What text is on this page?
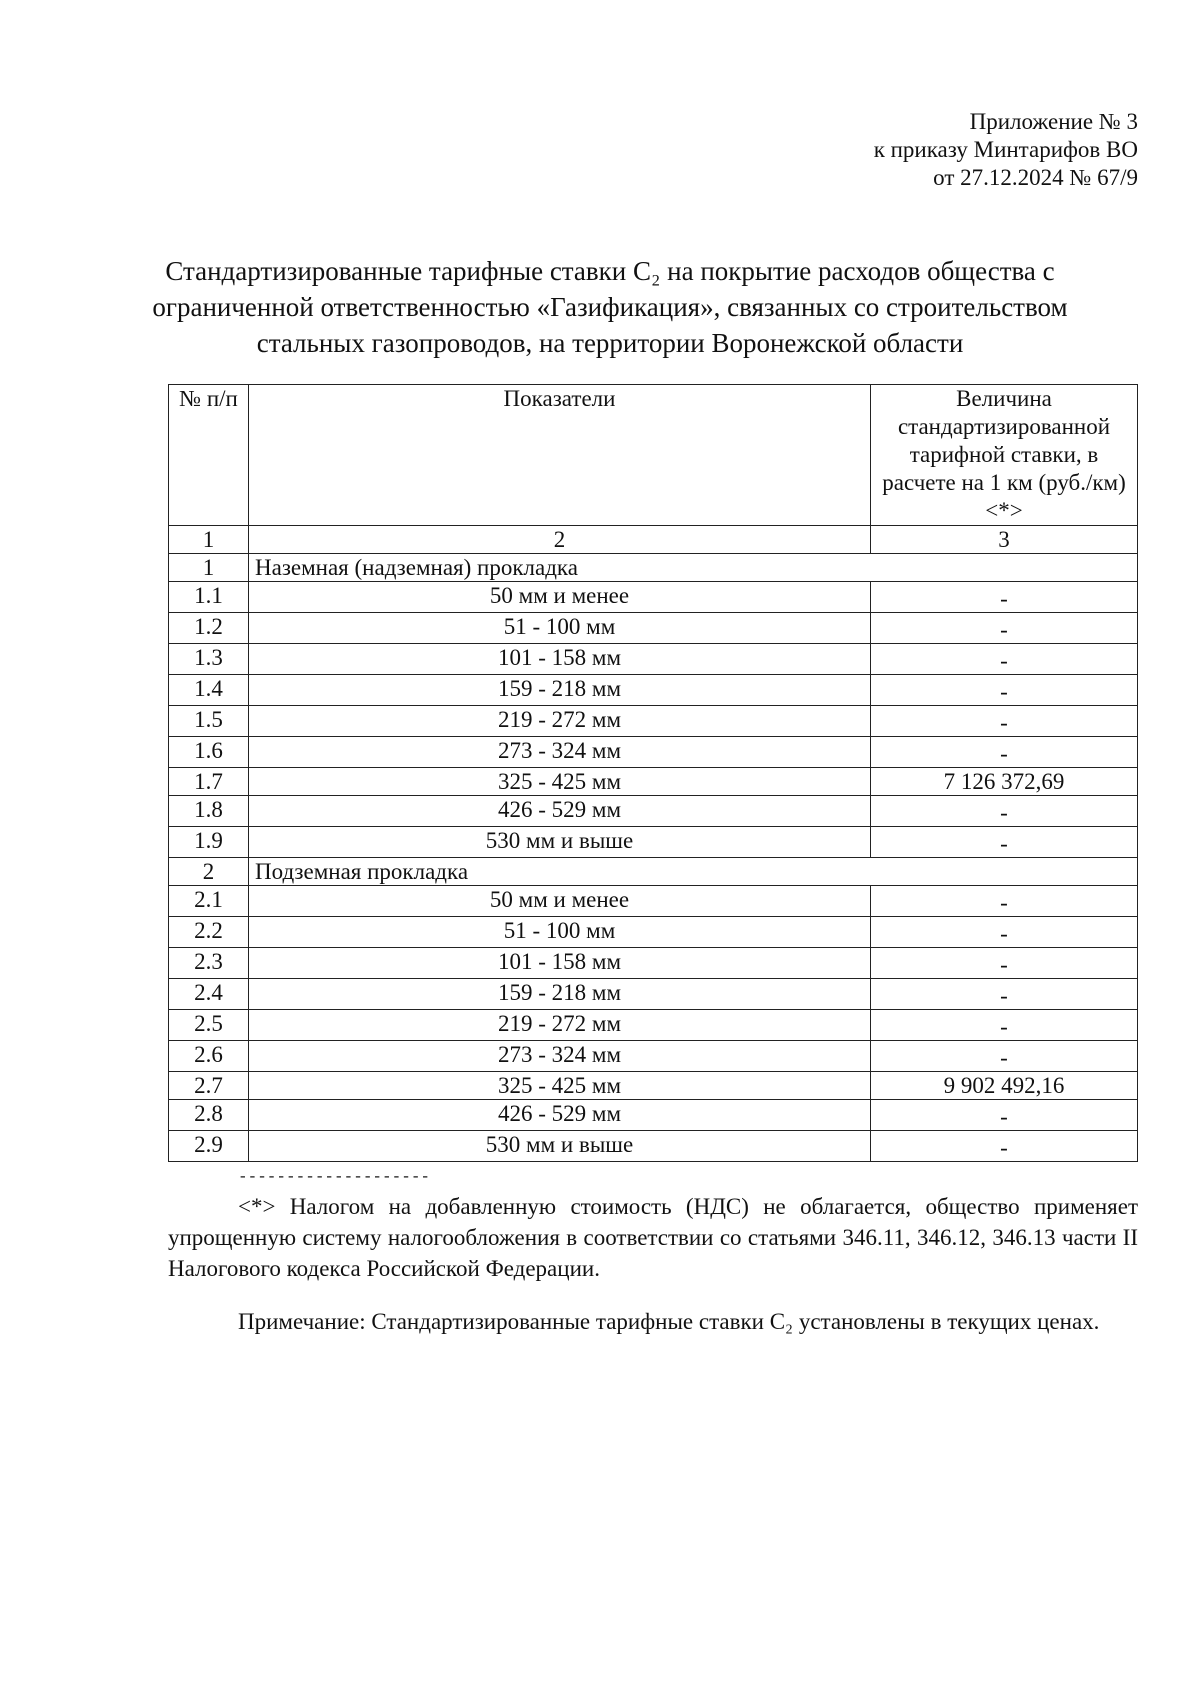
Приложение № 3
к приказу Минтарифов ВО
от 27.12.2024 № 67/9
Стандартизированные тарифные ставки С₂ на покрытие расходов общества с
ограниченной ответственностью «Газификация», связанных со строительством
стальных газопроводов, на территории Воронежской области
№ п/п	Показатели	Величина стандартизированной тарифной ставки, в расчете на 1 км (руб./км) <*>
1	2	3
1	Наземная (надземная) прокладка	
1.1	50 мм и менее	-
1.2	51 - 100 мм	-
1.3	101 - 158 мм	-
1.4	159 - 218 мм	-
1.5	219 - 272 мм	-
1.6	273 - 324 мм	-
1.7	325 - 425 мм	7 126 372,69
1.8	426 - 529 мм	-
1.9	530 мм и выше	-
2	Подземная прокладка	
2.1	50 мм и менее	-
2.2	51 - 100 мм	-
2.3	101 - 158 мм	-
2.4	159 - 218 мм	-
2.5	219 - 272 мм	-
2.6	273 - 324 мм	-
2.7	325 - 425 мм	9 902 492,16
2.8	426 - 529 мм	-
2.9	530 мм и выше	-
--------------------
<*> Налогом на добавленную стоимость (НДС) не облагается, общество применяет упрощенную систему налогообложения в соответствии со статьями 346.11, 346.12, 346.13 части II Налогового кодекса Российской Федерации.
Примечание: Стандартизированные тарифные ставки С₂ установлены в текущих ценах.
